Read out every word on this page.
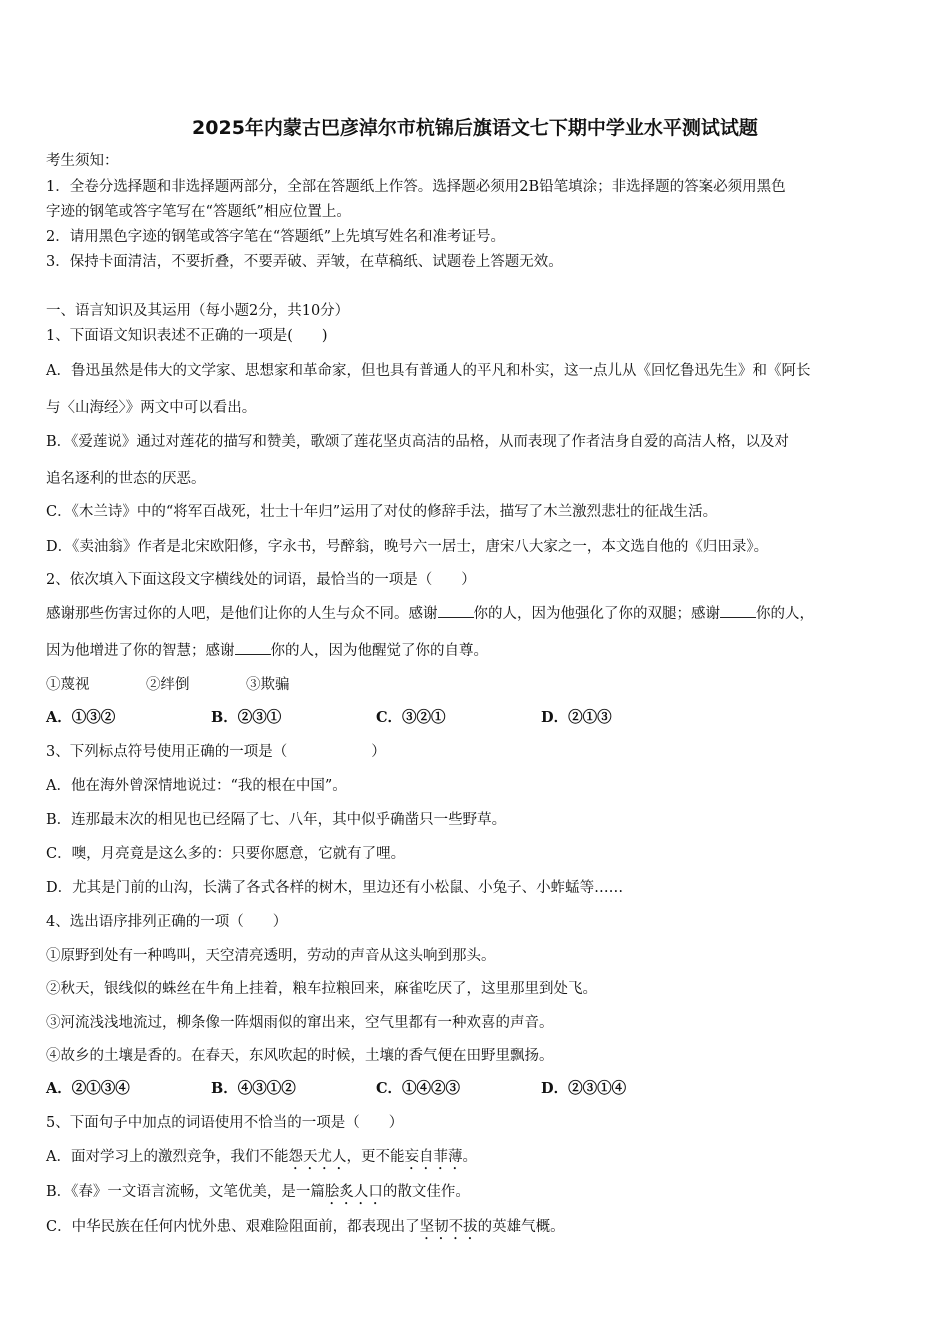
2025年内蒙古巴彦淖尔市杭锦后旗语文七下期中学业水平测试试题
考生须知：
1．全卷分选择题和非选择题两部分，全部在答题纸上作答。选择题必须用2B铅笔填涂；非选择题的答案必须用黑色
字迹的钢笔或答字笔写在“答题纸”相应位置上。
2．请用黑色字迹的钢笔或答字笔在“答题纸”上先填写姓名和准考证号。
3．保持卡面清洁，不要折叠，不要弄破、弄皱，在草稿纸、试题卷上答题无效。
一、语言知识及其运用（每小题2分，共10分）
1、下面语文知识表述不正确的一项是(　　)
A．鲁迅虽然是伟大的文学家、思想家和革命家，但也具有普通人的平凡和朴实，这一点儿从《回忆鲁迅先生》和《阿长
与〈山海经〉》两文中可以看出。
B．《爱莲说》通过对莲花的描写和赞美，歌颂了莲花坚贞高洁的品格，从而表现了作者洁身自爱的高洁人格，以及对
追名逐利的世态的厌恶。
C．《木兰诗》中的“将军百战死，壮士十年归”运用了对仗的修辞手法，描写了木兰激烈悲壮的征战生活。
D．《卖油翁》作者是北宋欧阳修，字永书，号醉翁，晚号六一居士，唐宋八大家之一，本文选自他的《归田录》。
2、依次填入下面这段文字横线处的词语，最恰当的一项是（　　）
感谢那些伤害过你的人吧，是他们让你的人生与众不同。感谢 你的人，因为他强化了你的双腿；感谢 你的人，
因为他增进了你的智慧；感谢 你的人，因为他醒觉了你的自尊。
①蔑视	②绊倒	③欺骗
A．①③②	B．②③①	C．③②①	D．②①③
3、下列标点符号使用正确的一项是（	）
A．他在海外曾深情地说过：“我的根在中国”。
B．连那最末次的相见也已经隔了七、八年，其中似乎确凿只一些野草。
C．噢，月亮竟是这么多的：只要你愿意，它就有了哩。
D．尤其是门前的山沟，长满了各式各样的树木，里边还有小松鼠、小兔子、小蚱蜢等……
4、选出语序排列正确的一项（　　）
①原野到处有一种鸣叫，天空清亮透明，劳动的声音从这头响到那头。
②秋天，银线似的蛛丝在牛角上挂着，粮车拉粮回来，麻雀吃厌了，这里那里到处飞。
③河流浅浅地流过，柳条像一阵烟雨似的窜出来，空气里都有一种欢喜的声音。
④故乡的土壤是香的。在春天，东风吹起的时候，土壤的香气便在田野里飘扬。
A．②①③④	B．④③①②	C．①④②③	D．②③①④
5、下面句子中加点的词语使用不恰当的一项是（　　）
A．面对学习上的激烈竞争，我们不能怨天尤人，更不能妄自菲薄。
B．《春》一文语言流畅，文笔优美，是一篇脍炙人口的散文佳作。
C．中华民族在任何内忧外患、艰难险阻面前，都表现出了坚韧不拔的英雄气概。
